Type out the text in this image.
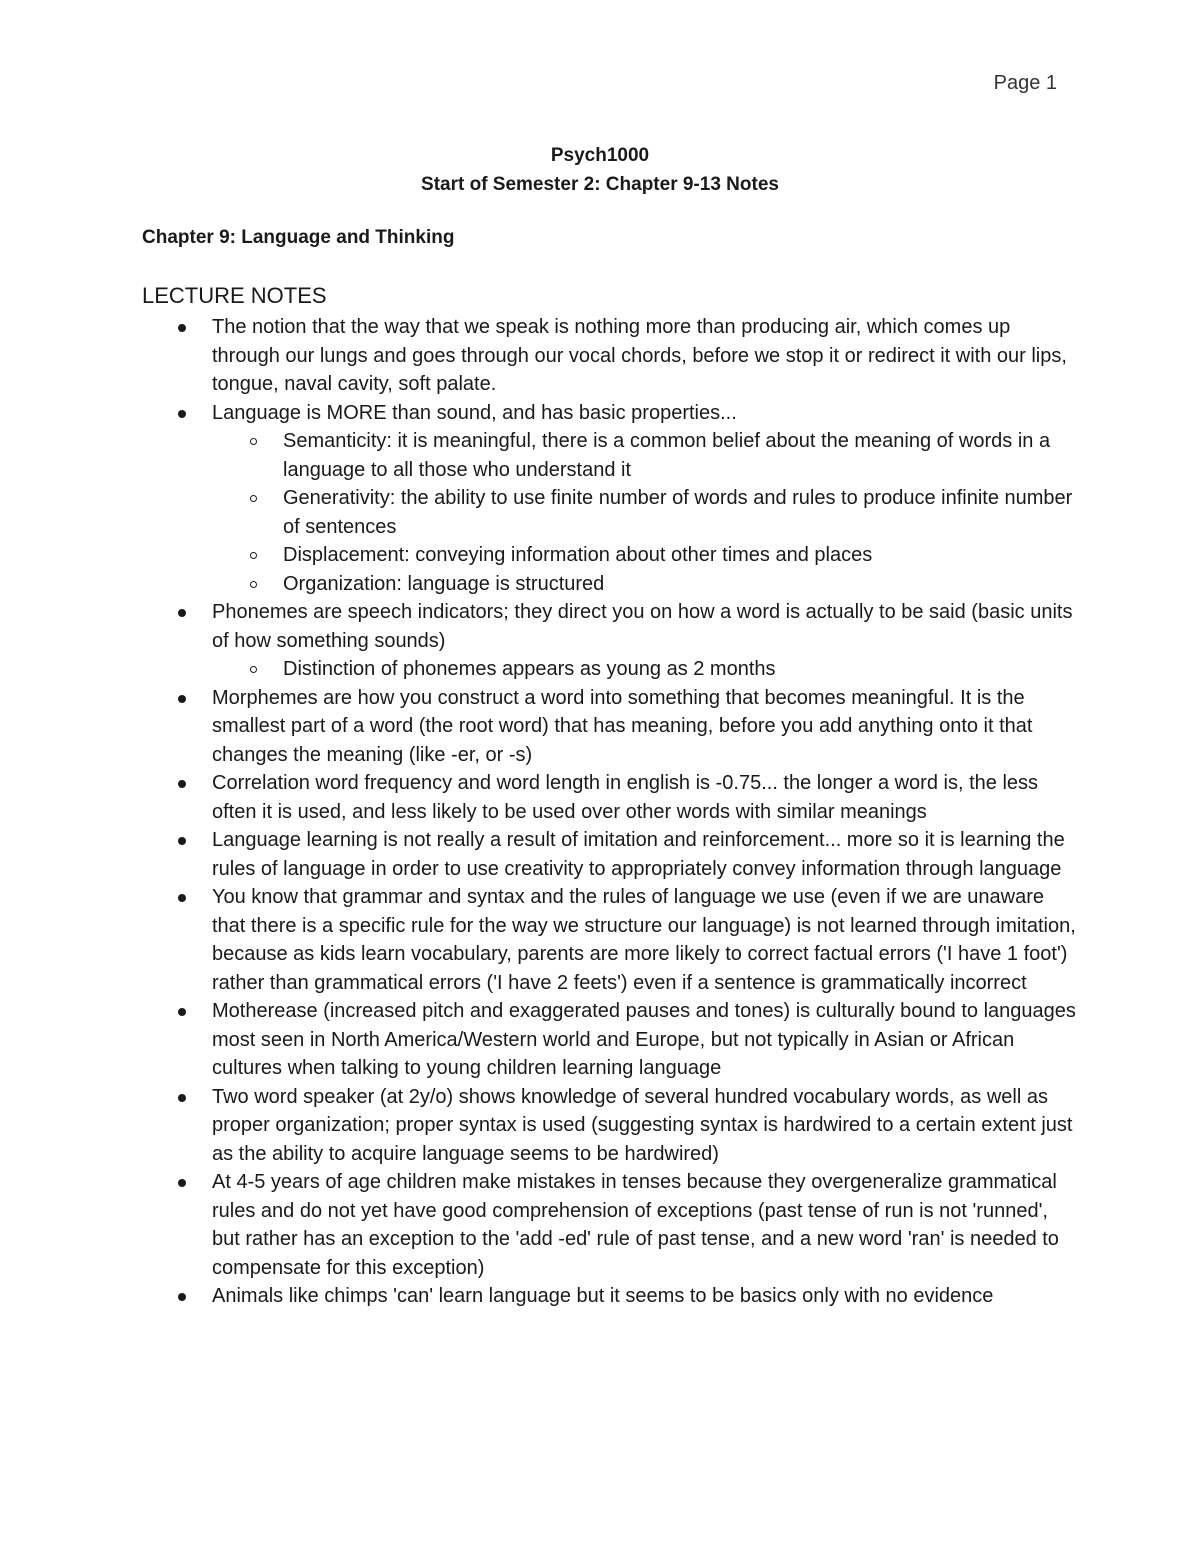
Page 1
Psych1000
Start of Semester 2: Chapter 9-13 Notes
Chapter 9: Language and Thinking
LECTURE NOTES
The notion that the way that we speak is nothing more than producing air, which comes up through our lungs and goes through our vocal chords, before we stop it or redirect it with our lips, tongue, naval cavity, soft palate.
Language is MORE than sound, and has basic properties...
Semanticity: it is meaningful, there is a common belief about the meaning of words in a language to all those who understand it
Generativity: the ability to use finite number of words and rules to produce infinite number of sentences
Displacement: conveying information about other times and places
Organization: language is structured
Phonemes are speech indicators; they direct you on how a word is actually to be said (basic units of how something sounds)
Distinction of phonemes appears as young as 2 months
Morphemes are how you construct a word into something that becomes meaningful. It is the smallest part of a word (the root word) that has meaning, before you add anything onto it that changes the meaning (like -er, or -s)
Correlation word frequency and word length in english is -0.75... the longer a word is, the less often it is used, and less likely to be used over other words with similar meanings
Language learning is not really a result of imitation and reinforcement... more so it is learning the rules of language in order to use creativity to appropriately convey information through language
You know that grammar and syntax and the rules of language we use (even if we are unaware that there is a specific rule for the way we structure our language) is not learned through imitation, because as kids learn vocabulary, parents are more likely to correct factual errors ('I have 1 foot') rather than grammatical errors ('I have 2 feets') even if a sentence is grammatically incorrect
Motherease (increased pitch and exaggerated pauses and tones) is culturally bound to languages most seen in North America/Western world and Europe, but not typically in Asian or African cultures when talking to young children learning language
Two word speaker (at 2y/o) shows knowledge of several hundred vocabulary words, as well as proper organization; proper syntax is used (suggesting syntax is hardwired to a certain extent just as the ability to acquire language seems to be hardwired)
At 4-5 years of age children make mistakes in tenses because they overgeneralize grammatical rules and do not yet have good comprehension of exceptions (past tense of run is not 'runned', but rather has an exception to the 'add -ed' rule of past tense, and a new word 'ran' is needed to compensate for this exception)
Animals like chimps 'can' learn language but it seems to be basics only with no evidence
